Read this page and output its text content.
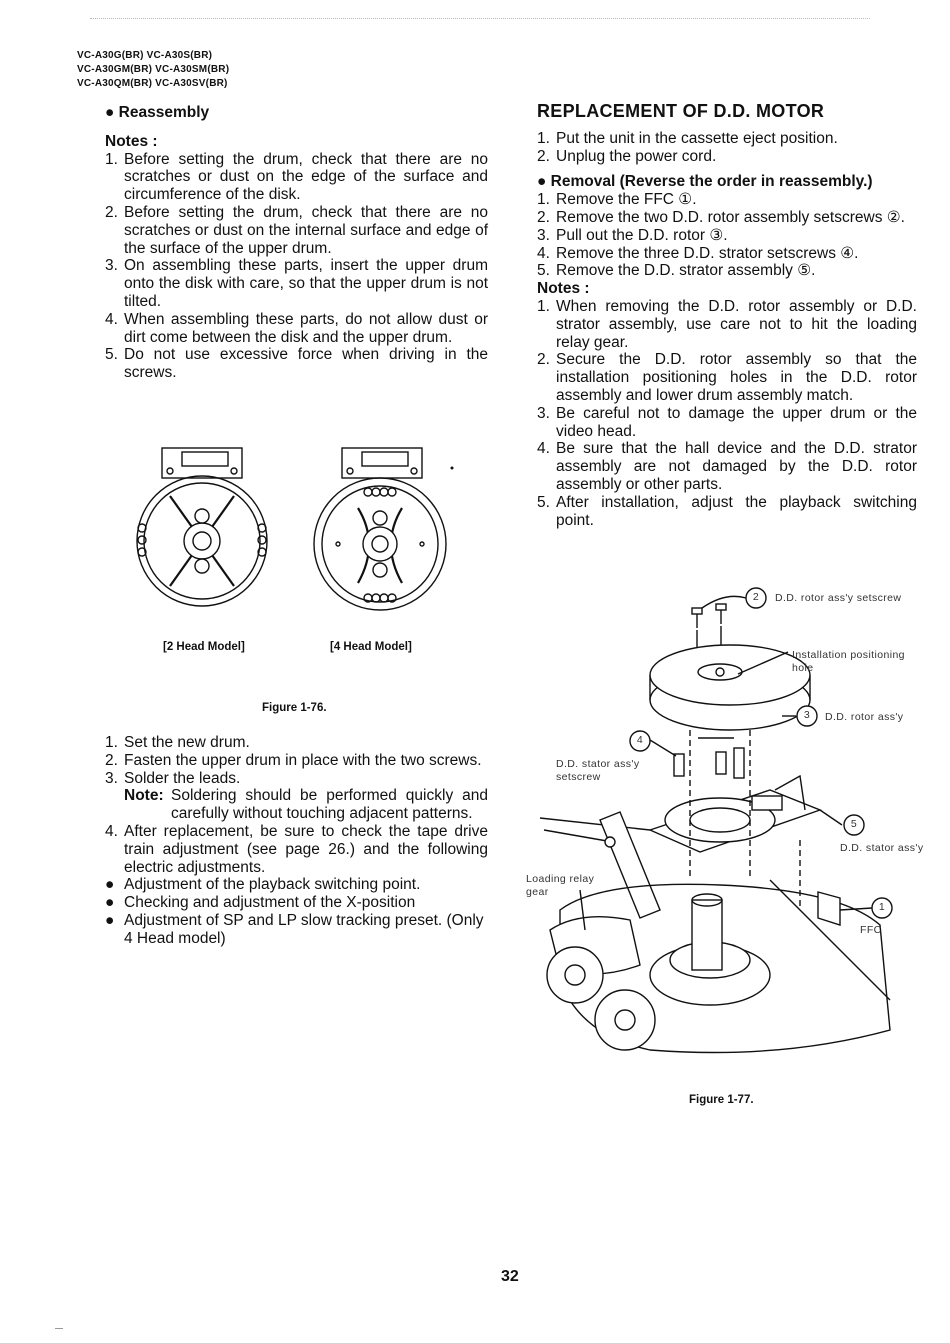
VC-A30G(BR) VC-A30S(BR)
VC-A30GM(BR) VC-A30SM(BR)
VC-A30QM(BR) VC-A30SV(BR)
● Reassembly
Notes :
1. Before setting the drum, check that there are no scratches or dust on the edge of the surface and circumference of the disk.
2. Before setting the drum, check that there are no scratches or dust on the internal surface and edge of the surface of the upper drum.
3. On assembling these parts, insert the upper drum onto the disk with care, so that the upper drum is not tilted.
4. When assembling these parts, do not allow dust or dirt come between the disk and the upper drum.
5. Do not use excessive force when driving in the screws.
[2 Head Model]	[4 Head Model]
Figure 1-76.
1. Set the new drum.
2. Fasten the upper drum in place with the two screws.
3. Solder the leads.
Note: Soldering should be performed quickly and carefully without touching adjacent patterns.
4. After replacement, be sure to check the tape drive train adjustment (see page 26.) and the following electric adjustments.
● Adjustment of the playback switching point.
● Checking and adjustment of the X-position
● Adjustment of SP and LP slow tracking preset. (Only 4 Head model)
REPLACEMENT OF D.D. MOTOR
1. Put the unit in the cassette eject position.
2. Unplug the power cord.
● Removal (Reverse the order in reassembly.)
1. Remove the FFC ①.
2. Remove the two D.D. rotor assembly setscrews ②.
3. Pull out the D.D. rotor ③.
4. Remove the three D.D. strator setscrews ④.
5. Remove the D.D. strator assembly ⑤.
Notes :
1. When removing the D.D. rotor assembly or D.D. strator assembly, use care not to hit the loading relay gear.
2. Secure the D.D. rotor assembly so that the installation positioning holes in the D.D. rotor assembly and lower drum assembly match.
3. Be careful not to damage the upper drum or the video head.
4. Be sure that the hall device and the D.D. strator assembly are not damaged by the D.D. rotor assembly or other parts.
5. After installation, adjust the playback switching point.
2 D.D. rotor ass'y setscrew
Installation positioning hole
3 D.D. rotor ass'y
4
D.D. stator ass'y setscrew
5
D.D. stator ass'y
Loading relay gear
1
FFC
Figure 1-77.
32
